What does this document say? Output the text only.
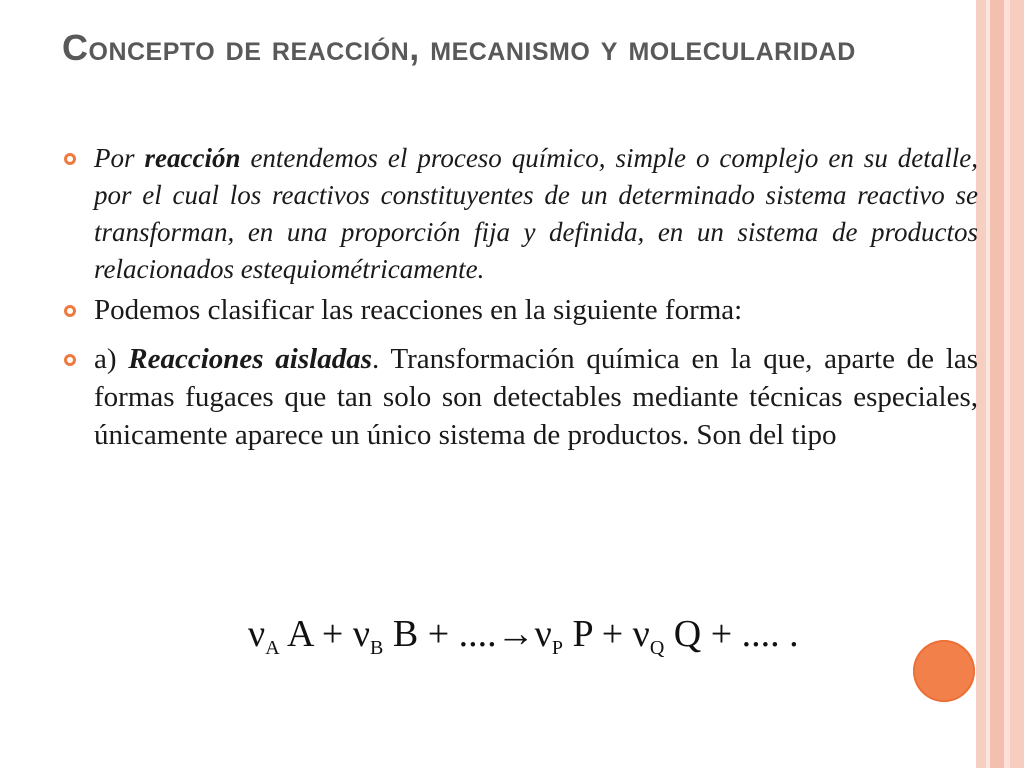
Concepto de reacción, mecanismo y molecularidad
Por reacción entendemos el proceso químico, simple o complejo en su detalle, por el cual los reactivos constituyentes de un determinado sistema reactivo se transforman, en una proporción fija y definida, en un sistema de productos relacionados estequiométricamente.
Podemos clasificar las reacciones en la siguiente forma:
a) Reacciones aisladas. Transformación química en la que, aparte de las formas fugaces que tan solo son detectables mediante técnicas especiales, únicamente aparece un único sistema de productos. Son del tipo
$\nu_A$ $A + \nu_B$ $B + ....\to\nu_P$ $P + \nu_Q$ Q + .... .
